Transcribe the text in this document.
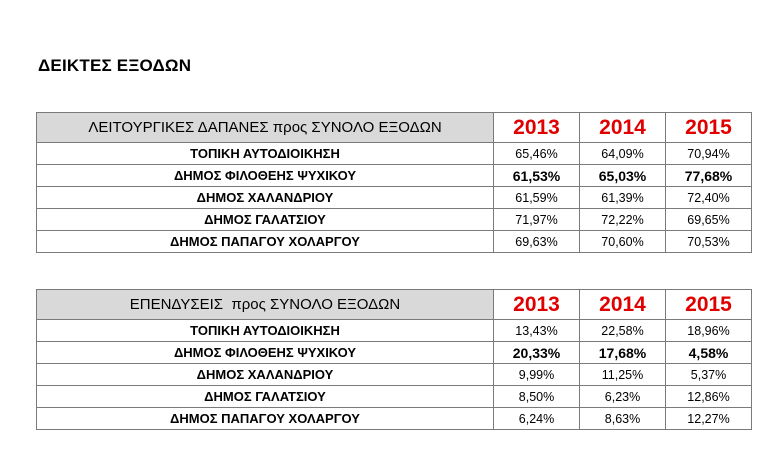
ΔΕΙΚΤΕΣ ΕΞΟΔΩΝ
ΛΕΙΤΟΥΡΓΙΚΕΣ ΔΑΠΑΝΕΣ προς ΣΥΝΟΛΟ ΕΞΟΔΩΝ	2013	2014	2015
ΤΟΠΙΚΗ ΑΥΤΟΔΙΟΙΚΗΣΗ	65,46%	64,09%	70,94%
ΔΗΜΟΣ ΦΙΛΟΘΕΗΣ ΨΥΧΙΚΟΥ	61,53%	65,03%	77,68%
ΔΗΜΟΣ ΧΑΛΑΝΔΡΙΟΥ	61,59%	61,39%	72,40%
ΔΗΜΟΣ ΓΑΛΑΤΣΙΟΥ	71,97%	72,22%	69,65%
ΔΗΜΟΣ ΠΑΠΑΓΟΥ ΧΟΛΑΡΓΟΥ	69,63%	70,60%	70,53%
ΕΠΕΝΔΥΣΕΙΣ  προς ΣΥΝΟΛΟ ΕΞΟΔΩΝ	2013	2014	2015
ΤΟΠΙΚΗ ΑΥΤΟΔΙΟΙΚΗΣΗ	13,43%	22,58%	18,96%
ΔΗΜΟΣ ΦΙΛΟΘΕΗΣ ΨΥΧΙΚΟΥ	20,33%	17,68%	4,58%
ΔΗΜΟΣ ΧΑΛΑΝΔΡΙΟΥ	9,99%	11,25%	5,37%
ΔΗΜΟΣ ΓΑΛΑΤΣΙΟΥ	8,50%	6,23%	12,86%
ΔΗΜΟΣ ΠΑΠΑΓΟΥ ΧΟΛΑΡΓΟΥ	6,24%	8,63%	12,27%
